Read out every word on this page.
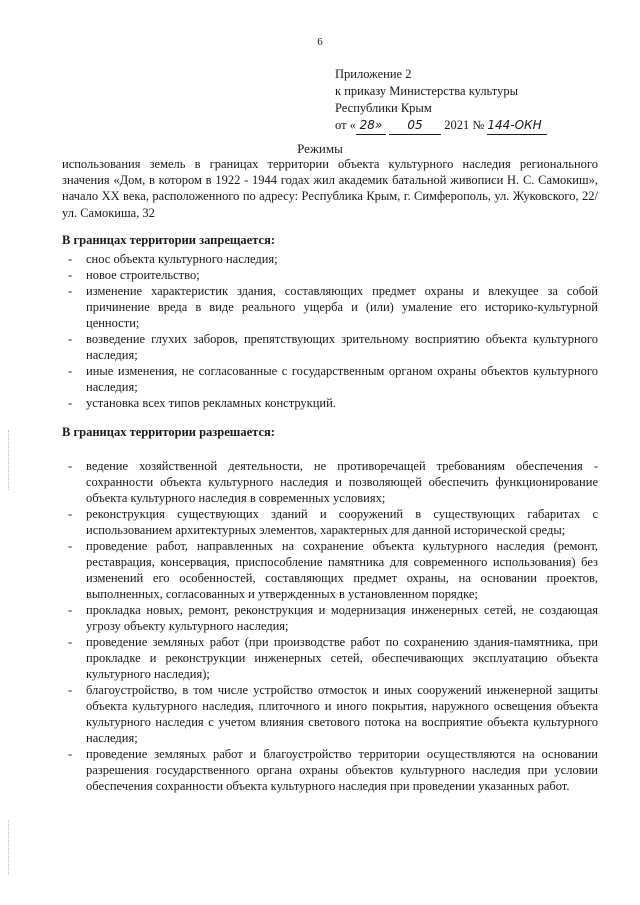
6
Приложение 2
к приказу Министерства культуры
Республики Крым
от « 28» 05 2021 № 144-ОКН
Режимы
использования земель в границах территории объекта культурного наследия регионального значения «Дом, в котором в 1922 - 1944 годах жил академик батальной живописи Н. С. Самокиш», начало XX века, расположенного по адресу: Республика Крым, г. Симферополь, ул. Жуковского, 22/ул. Самокиша, 32
В границах территории запрещается:
- снос объекта культурного наследия;
- новое строительство;
- изменение характеристик здания, составляющих предмет охраны и влекущее за собой причинение вреда в виде реального ущерба и (или) умаление его историко-культурной ценности;
- возведение глухих заборов, препятствующих зрительному восприятию объекта культурного наследия;
- иные изменения, не согласованные с государственным органом охраны объектов культурного наследия;
- установка всех типов рекламных конструкций.
В границах территории разрешается:
- ведение хозяйственной деятельности, не противоречащей требованиям обеспечения - сохранности объекта культурного наследия и позволяющей обеспечить функционирование объекта культурного наследия в современных условиях;
- реконструкция существующих зданий и сооружений в существующих габаритах с использованием архитектурных элементов, характерных для данной исторической среды;
- проведение работ, направленных на сохранение объекта культурного наследия (ремонт, реставрация, консервация, приспособление памятника для современного использования) без изменений его особенностей, составляющих предмет охраны, на основании проектов, выполненных, согласованных и утвержденных в установленном порядке;
- прокладка новых, ремонт, реконструкция и модернизация инженерных сетей, не создающая угрозу объекту культурного наследия;
- проведение земляных работ (при производстве работ по сохранению здания-памятника, при прокладке и реконструкции инженерных сетей, обеспечивающих эксплуатацию объекта культурного наследия);
- благоустройство, в том числе устройство отмосток и иных сооружений инженерной защиты объекта культурного наследия, плиточного и иного покрытия, наружного освещения объекта культурного наследия с учетом влияния светового потока на восприятие объекта культурного наследия;
- проведение земляных работ и благоустройство территории осуществляются на основании разрешения государственного органа охраны объектов культурного наследия при условии обеспечения сохранности объекта культурного наследия при проведении указанных работ.
